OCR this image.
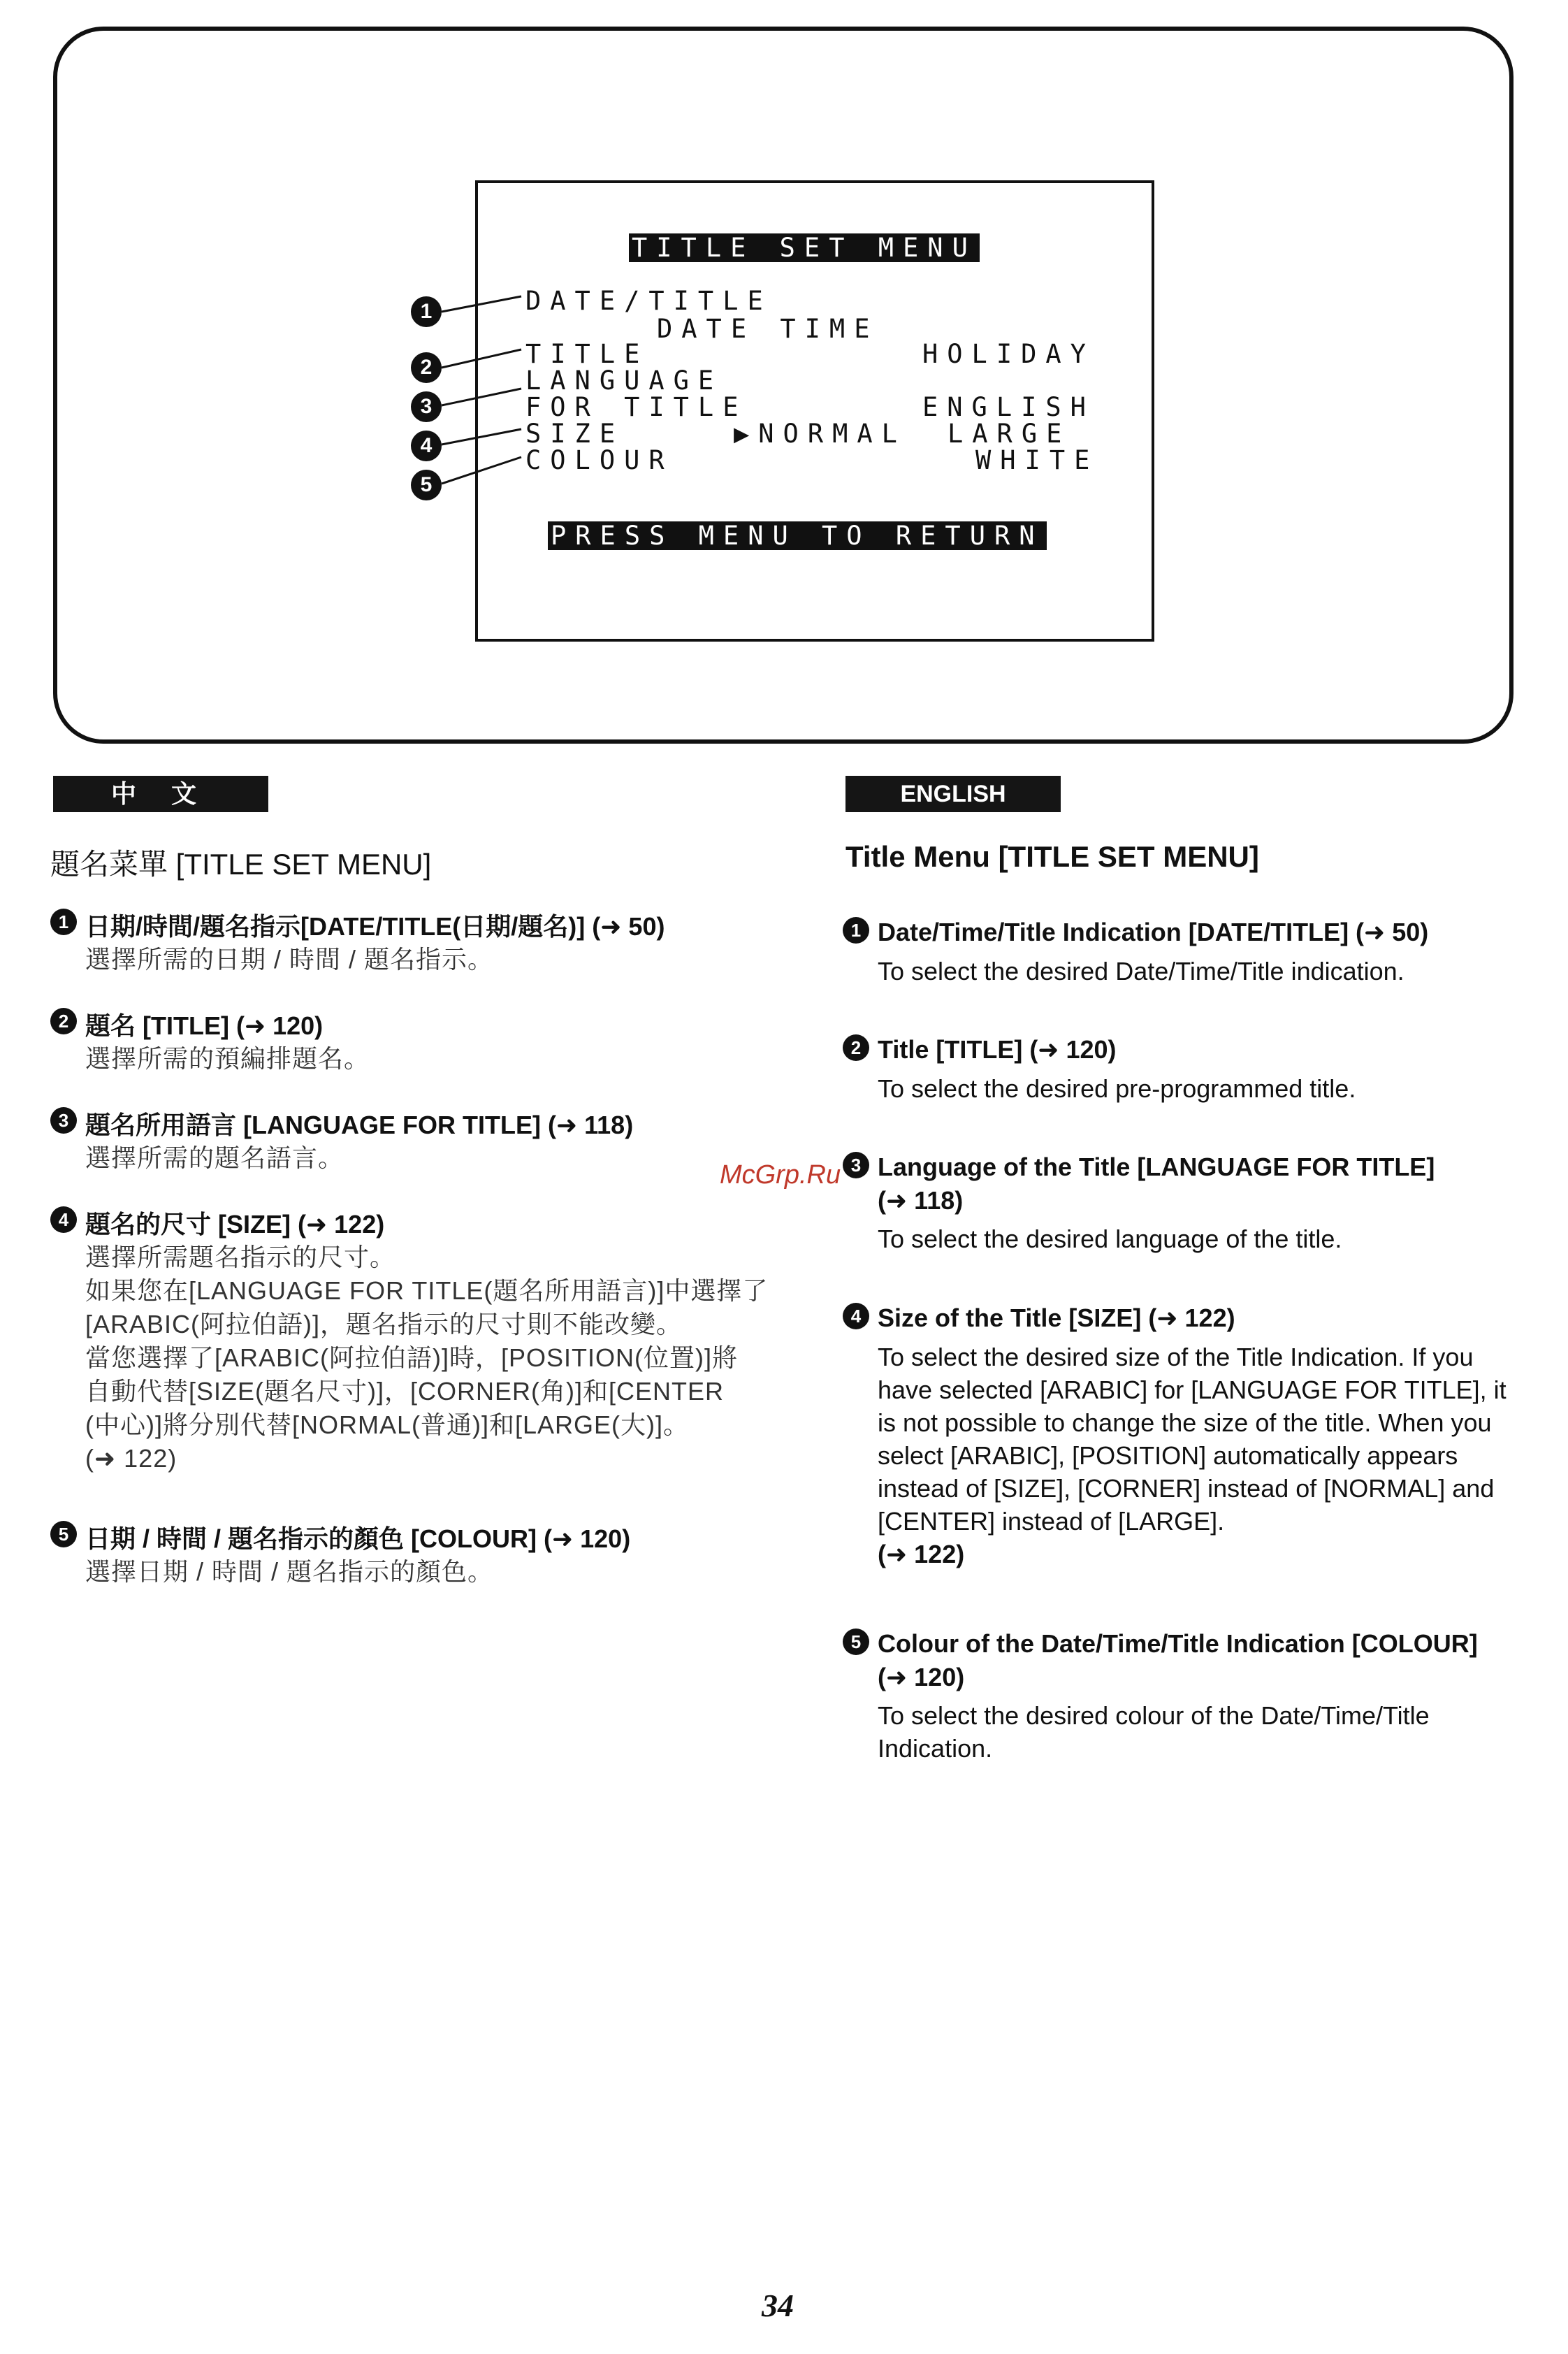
1
2
3
4
5
TITLE SET MENU
DATE/TITLE
DATE TIME
TITLE	HOLIDAY
LANGUAGE
FOR TITLE	ENGLISH
SIZE	▶NORMAL LARGE
COLOUR	WHITE
PRESS MENU TO RETURN
中 文
題名菜單 [TITLE SET MENU]
1 日期/時間/題名指示[DATE/TITLE(日期/題名)] (➜ 50)
選擇所需的日期 / 時間 / 題名指示。
2 題名 [TITLE] (➜ 120)
選擇所需的預編排題名。
3 題名所用語言 [LANGUAGE FOR TITLE] (➜ 118)
選擇所需的題名語言。
4 題名的尺寸 [SIZE] (➜ 122)
選擇所需題名指示的尺寸。
如果您在[LANGUAGE FOR TITLE(題名所用語言)]中選擇了
[ARABIC(阿拉伯語)]，題名指示的尺寸則不能改變。
當您選擇了[ARABIC(阿拉伯語)]時，[POSITION(位置)]將
自動代替[SIZE(題名尺寸)]，[CORNER(角)]和[CENTER
(中心)]將分別代替[NORMAL(普通)]和[LARGE(大)]。
(➜ 122)
5 日期 / 時間 / 題名指示的顏色 [COLOUR] (➜ 120)
選擇日期 / 時間 / 題名指示的顏色。
ENGLISH
Title Menu [TITLE SET MENU]
1 Date/Time/Title Indication [DATE/TITLE] (➜ 50)
To select the desired Date/Time/Title indication.
2 Title [TITLE] (➜ 120)
To select the desired pre-programmed title.
3 Language of the Title [LANGUAGE FOR TITLE]
(➜ 118)
To select the desired language of the title.
4 Size of the Title [SIZE] (➜ 122)
To select the desired size of the Title Indication. If you have selected [ARABIC] for [LANGUAGE FOR TITLE], it is not possible to change the size of the title. When you select [ARABIC], [POSITION] automatically appears instead of [SIZE], [CORNER] instead of [NORMAL] and [CENTER] instead of [LARGE].
(➜ 122)
5 Colour of the Date/Time/Title Indication [COLOUR]
(➜ 120)
To select the desired colour of the Date/Time/Title Indication.
McGrp.Ru
34
